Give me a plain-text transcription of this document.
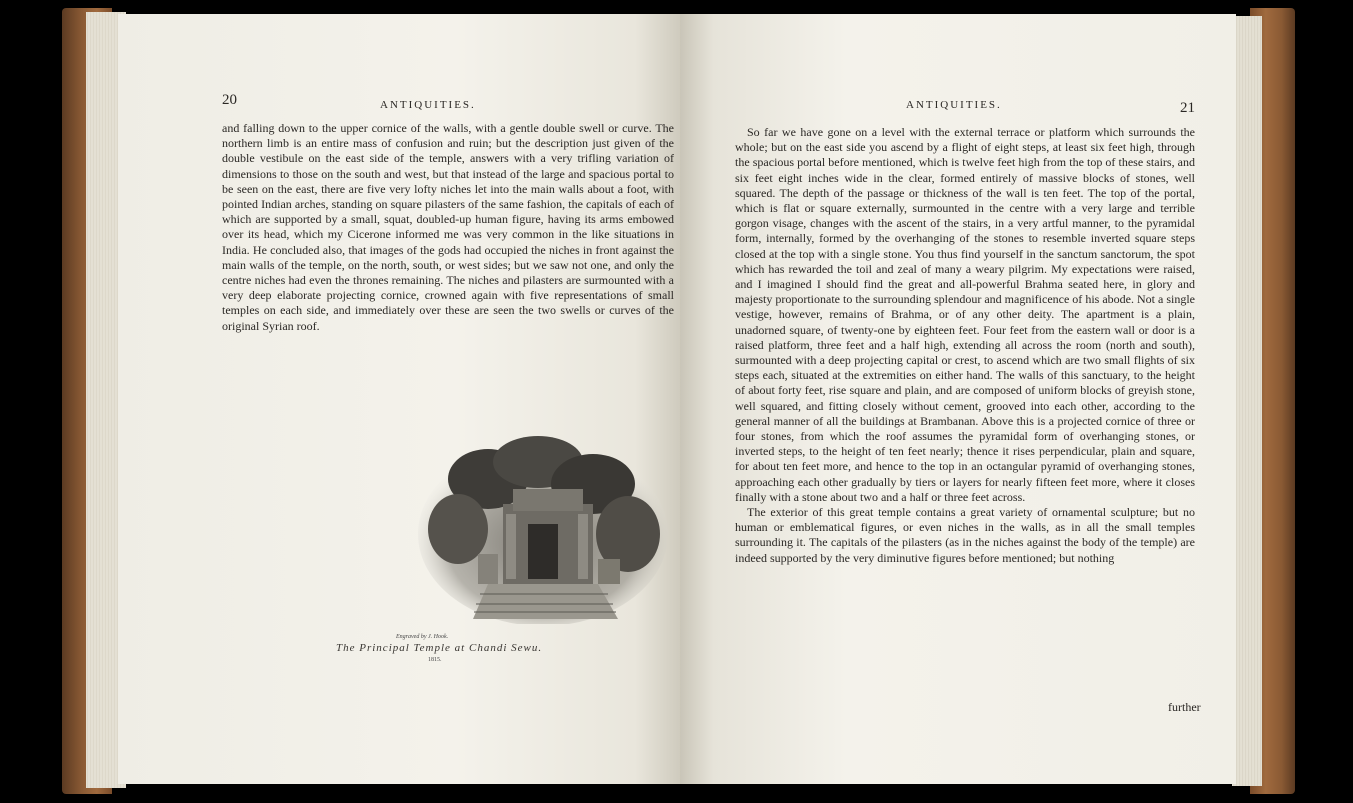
20	ANTIQUITIES.

and falling down to the upper cornice of the walls, with a gentle double swell or curve. The northern limb is an entire mass of confusion and ruin; but the description just given of the double vestibule on the east side of the temple, answers with a very trifling variation of dimensions to those on the south and west, but that instead of the large and spacious portal to be seen on the east, there are five very lofty niches let into the main walls about a foot, with pointed Indian arches, standing on square pilasters of the same fashion, the capitals of each of which are supported by a small, squat, doubled-up human figure, having its arms embowed over its head, which my Cicerone informed me was very common in the like situations in India. He concluded also, that images of the gods had occupied the niches in front against the main walls of the temple, on the north, south, or west sides; but we saw not one, and only the centre niches had even the thrones remaining. The niches and pilasters are surmounted with a very deep elaborate projecting cornice, crowned again with five representations of small temples on each side, and immediately over these are seen the two swells or curves of the original Syrian roof.

Engraved by J. Hook.
The Principal Temple at Chandi Sewu.
1815.
ANTIQUITIES.	21

So far we have gone on a level with the external terrace or platform which surrounds the whole; but on the east side you ascend by a flight of eight steps, at least six feet high, through the spacious portal before mentioned, which is twelve feet high from the top of these stairs, and six feet eight inches wide in the clear, formed entirely of massive blocks of stones, well squared. The depth of the passage or thickness of the wall is ten feet. The top of the portal, which is flat or square externally, surmounted in the centre with a very large and terrible gorgon visage, changes with the ascent of the stairs, in a very artful manner, to the pyramidal form, internally, formed by the overhanging of the stones to resemble inverted square steps closed at the top with a single stone. You thus find yourself in the sanctum sanctorum, the spot which has rewarded the toil and zeal of many a weary pilgrim. My expectations were raised, and I imagined I should find the great and all-powerful Brahma seated here, in glory and majesty proportionate to the surrounding splendour and magnificence of his abode. Not a single vestige, however, remains of Brahma, or of any other deity. The apartment is a plain, unadorned square, of twenty-one by eighteen feet. Four feet from the eastern wall or door is a raised platform, three feet and a half high, extending all across the room (north and south), surmounted with a deep projecting capital or crest, to ascend which are two small flights of six steps each, situated at the extremities on either hand. The walls of this sanctuary, to the height of about forty feet, rise square and plain, and are composed of uniform blocks of greyish stone, well squared, and fitting closely without cement, grooved into each other, according to the general manner of all the buildings at Brambanan. Above this is a projected cornice of three or four stones, from which the roof assumes the pyramidal form of overhanging stones, or inverted steps, to the height of ten feet nearly; thence it rises perpendicular, plain and square, for about ten feet more, and hence to the top in an octangular pyramid of overhanging stones, approaching each other gradually by tiers or layers for nearly fifteen feet more, where it closes finally with a stone about two and a half or three feet across.

The exterior of this great temple contains a great variety of ornamental sculpture; but no human or emblematical figures, or even niches in the walls, as in all the small temples surrounding it. The capitals of the pilasters (as in the niches against the body of the temple) are indeed supported by the very diminutive figures before mentioned; but nothing

further
